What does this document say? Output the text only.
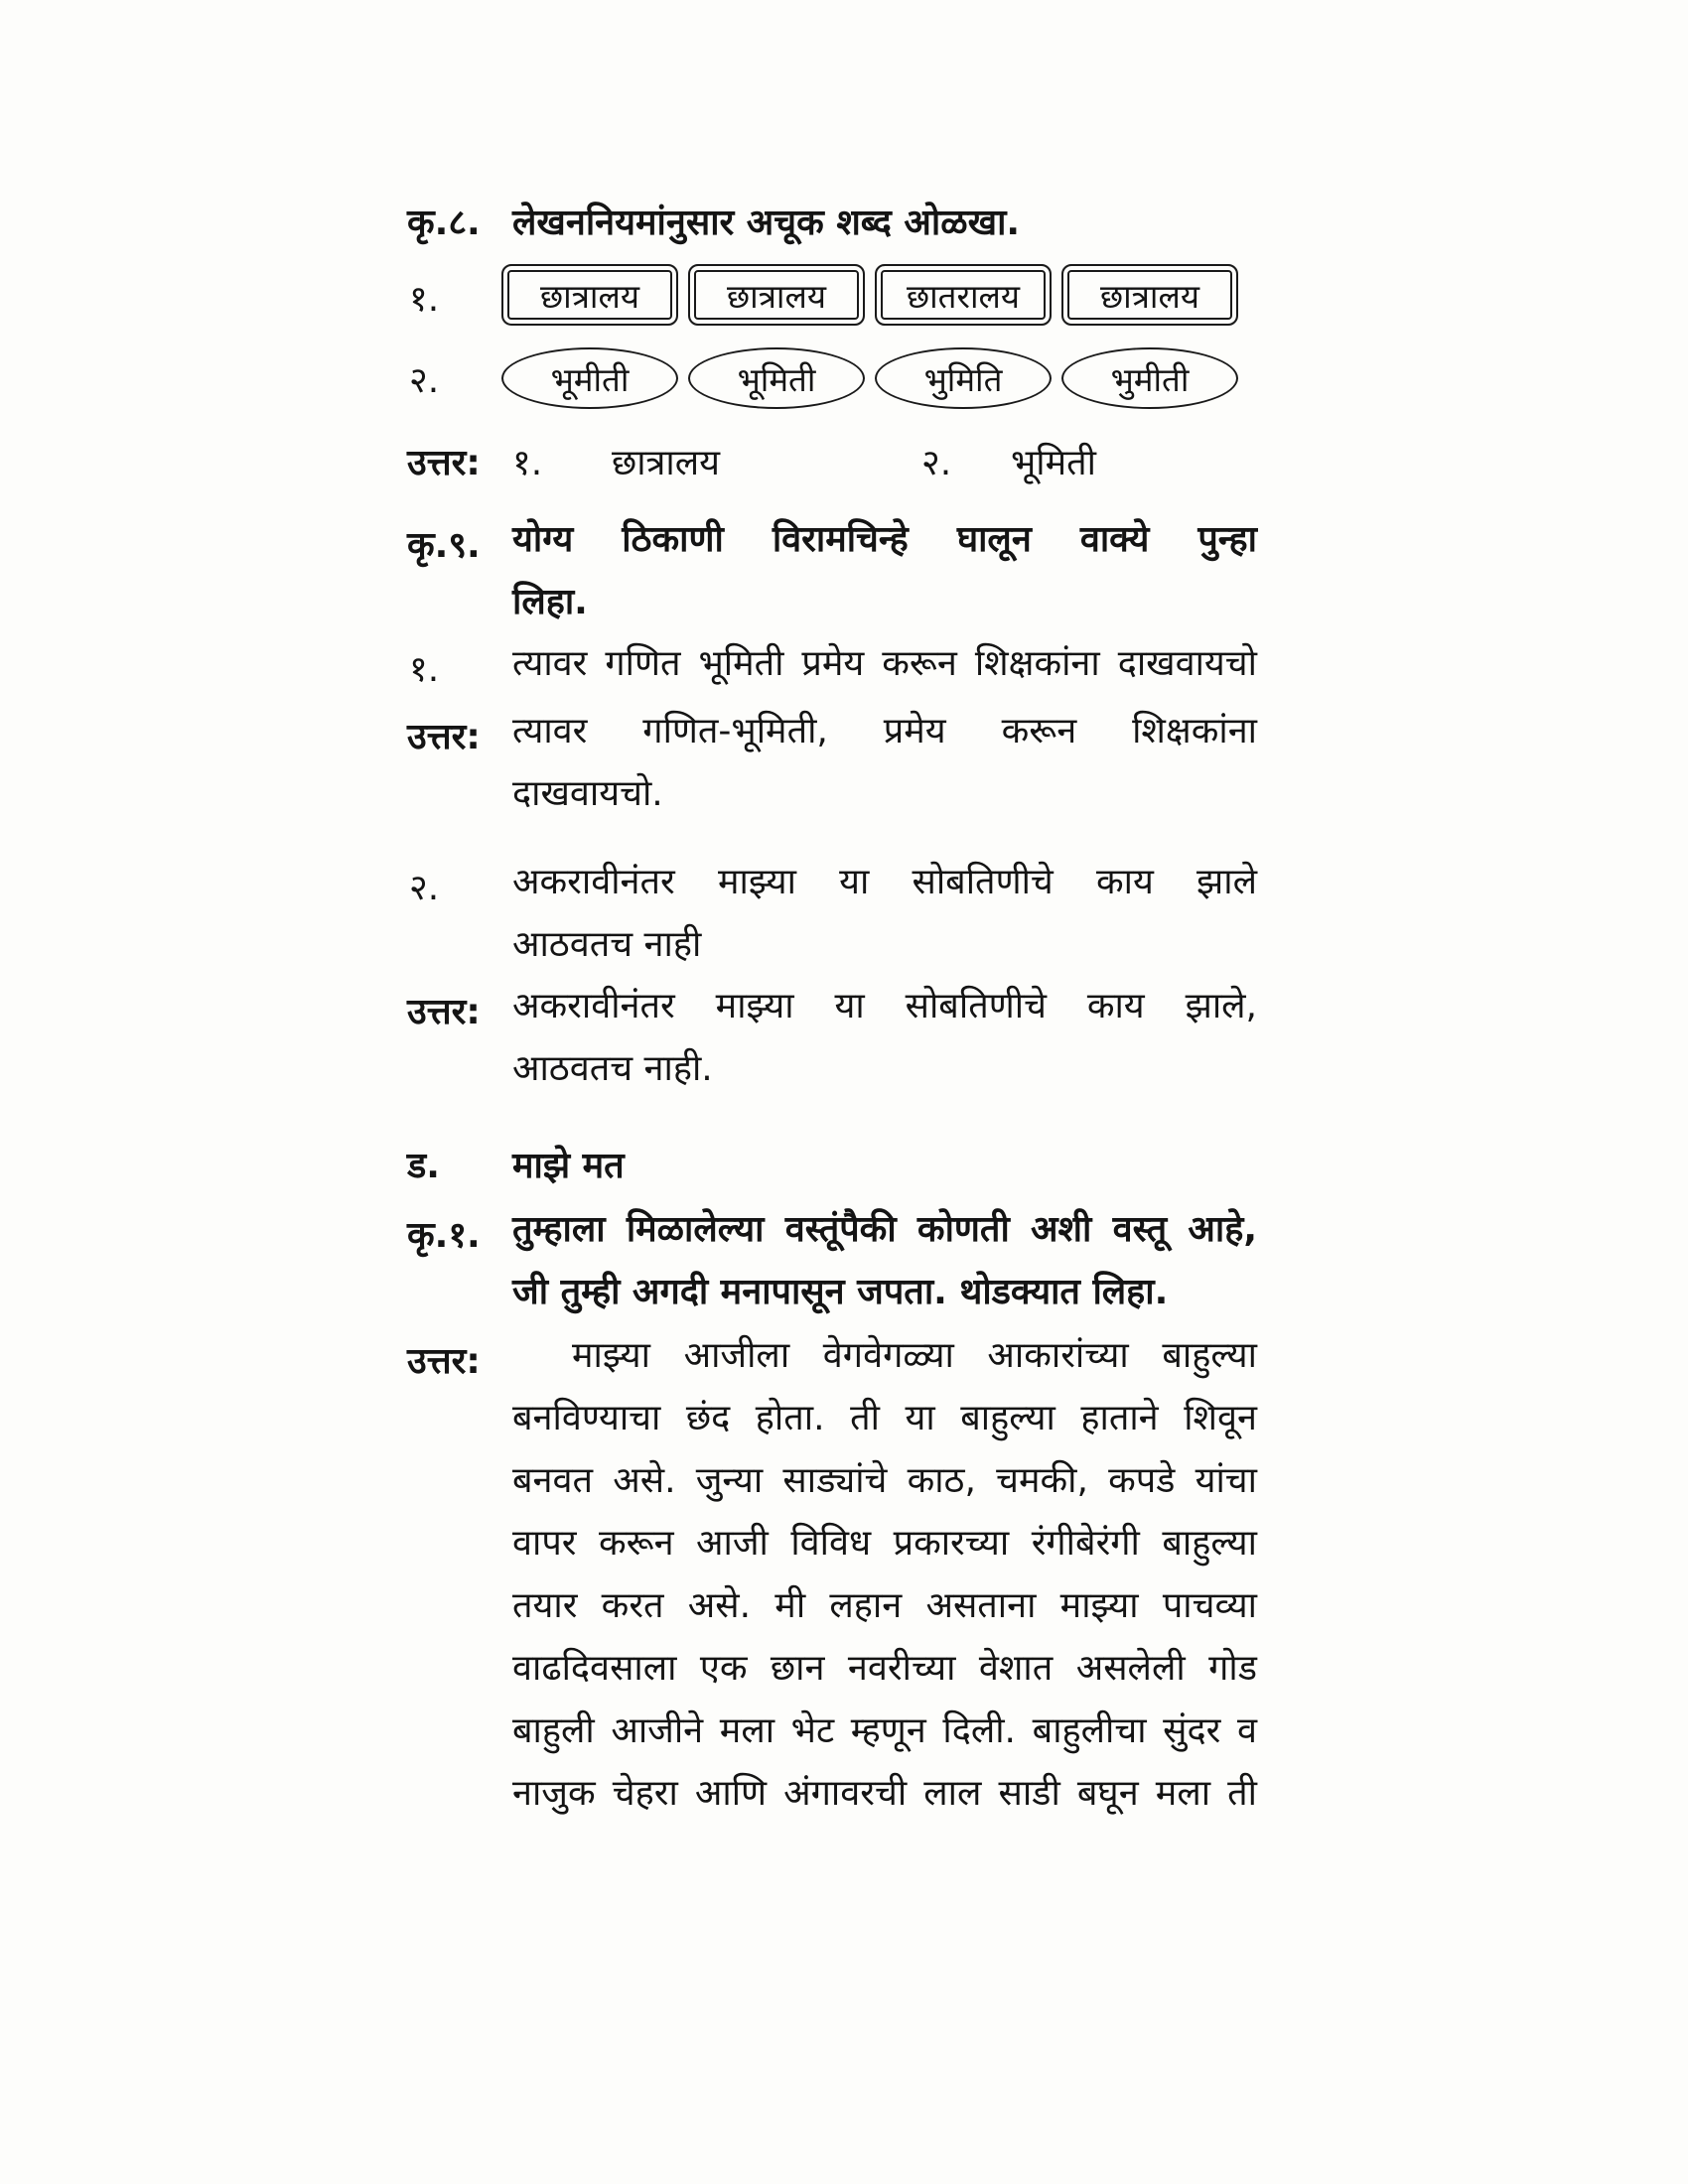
कृ.८. लेखननियमांनुसार अचूक शब्द ओळखा.
१.	छात्रालय	छात्रालय	छातरालय	छात्रालय
२.	भूमीती	भूमिती	भुमिति	भुमीती
उत्तर: १.	छात्रालय	२.	भूमिती
कृ.९. योग्य ठिकाणी विरामचिन्हे घालून वाक्ये पुन्हा
लिहा.
१. त्यावर गणित भूमिती प्रमेय करून शिक्षकांना दाखवायचो
उत्तर: त्यावर गणित-भूमिती, प्रमेय करून शिक्षकांना
दाखवायचो.
२. अकरावीनंतर माझ्या या सोबतिणीचे काय झाले
आठवतच नाही
उत्तर: अकरावीनंतर माझ्या या सोबतिणीचे काय झाले,
आठवतच नाही.
ड.	माझे मत
कृ.१. तुम्हाला मिळालेल्या वस्तूंपैकी कोणती अशी वस्तू आहे,
जी तुम्ही अगदी मनापासून जपता. थोडक्यात लिहा.
उत्तर:	माझ्या आजीला वेगवेगळ्या आकारांच्या बाहुल्या
बनविण्याचा छंद होता. ती या बाहुल्या हाताने शिवून
बनवत असे. जुन्या साड्यांचे काठ, चमकी, कपडे यांचा
वापर करून आजी विविध प्रकारच्या रंगीबेरंगी बाहुल्या
तयार करत असे. मी लहान असताना माझ्या पाचव्या
वाढदिवसाला एक छान नवरीच्या वेशात असलेली गोड
बाहुली आजीने मला भेट म्हणून दिली. बाहुलीचा सुंदर व
नाजुक चेहरा आणि अंगावरची लाल साडी बघून मला ती
